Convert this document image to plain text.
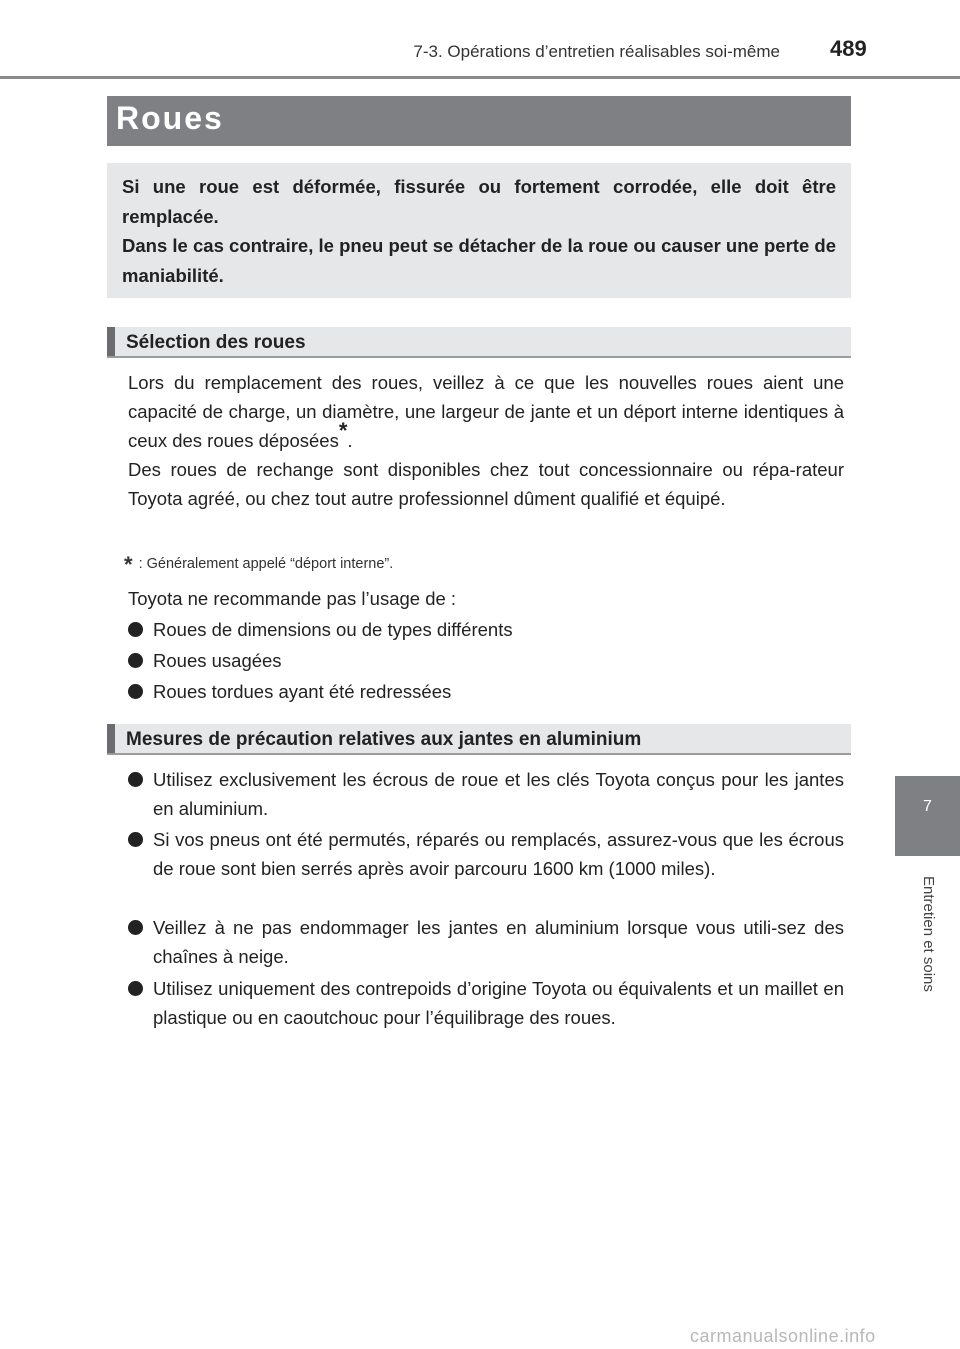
7-3. Opérations d’entretien réalisables soi-même 489
Roues
Si une roue est déformée, fissurée ou fortement corrodée, elle doit être remplacée.
Dans le cas contraire, le pneu peut se détacher de la roue ou causer une perte de maniabilité.
Sélection des roues
Lors du remplacement des roues, veillez à ce que les nouvelles roues aient une capacité de charge, un diamètre, une largeur de jante et un déport interne identiques à ceux des roues déposées*.
Des roues de rechange sont disponibles chez tout concessionnaire ou répa-rateur Toyota agréé, ou chez tout autre professionnel dûment qualifié et équipé.
* : Généralement appelé “déport interne”.
Toyota ne recommande pas l’usage de :
Roues de dimensions ou de types différents
Roues usagées
Roues tordues ayant été redressées
Mesures de précaution relatives aux jantes en aluminium
Utilisez exclusivement les écrous de roue et les clés Toyota conçus pour les jantes en aluminium.
Si vos pneus ont été permutés, réparés ou remplacés, assurez-vous que les écrous de roue sont bien serrés après avoir parcouru 1600 km (1000 miles).
Veillez à ne pas endommager les jantes en aluminium lorsque vous utili-sez des chaînes à neige.
Utilisez uniquement des contrepoids d’origine Toyota ou équivalents et un maillet en plastique ou en caoutchouc pour l’équilibrage des roues.
7
Entretien et soins
carmanualsonline.info
